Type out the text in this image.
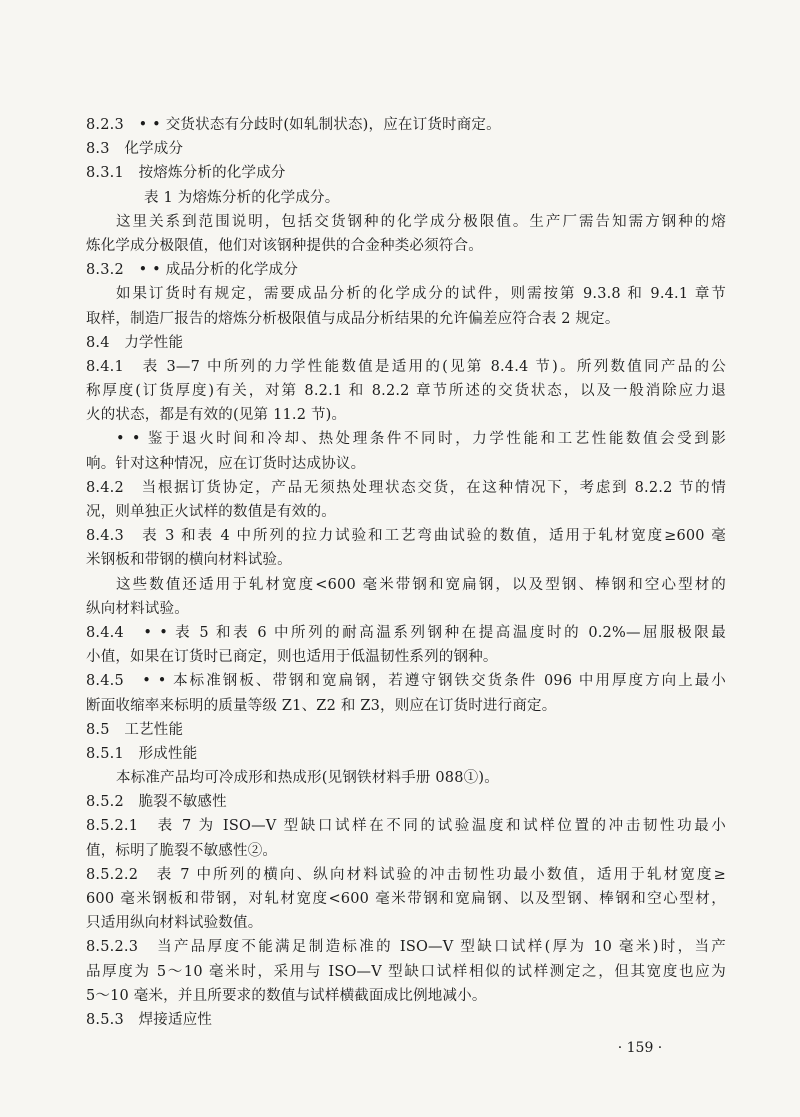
8.2.3　• • 交货状态有分歧时(如轧制状态)，应在订货时商定。
8.3　化学成分
8.3.1　按熔炼分析的化学成分
表 1 为熔炼分析的化学成分。
这里关系到范围说明，包括交货钢种的化学成分极限值。生产厂需告知需方钢种的熔
炼化学成分极限值，他们对该钢种提供的合金种类必须符合。
8.3.2　• • 成品分析的化学成分
如果订货时有规定，需要成品分析的化学成分的试件，则需按第 9.3.8 和 9.4.1 章节
取样，制造厂报告的熔炼分析极限值与成品分析结果的允许偏差应符合表 2 规定。
8.4　力学性能
8.4.1　表 3—7 中所列的力学性能数值是适用的(见第 8.4.4 节)。所列数值同产品的公
称厚度(订货厚度)有关，对第 8.2.1 和 8.2.2 章节所述的交货状态，以及一般消除应力退
火的状态，都是有效的(见第 11.2 节)。
• • 鉴于退火时间和冷却、热处理条件不同时，力学性能和工艺性能数值会受到影
响。针对这种情况，应在订货时达成协议。
8.4.2　当根据订货协定，产品无须热处理状态交货，在这种情况下，考虑到 8.2.2 节的情
况，则单独正火试样的数值是有效的。
8.4.3　表 3 和表 4 中所列的拉力试验和工艺弯曲试验的数值，适用于轧材宽度≥600 毫
米钢板和带钢的横向材料试验。
这些数值还适用于轧材宽度<600 毫米带钢和宽扁钢，以及型钢、棒钢和空心型材的
纵向材料试验。
8.4.4　• • 表 5 和表 6 中所列的耐高温系列钢种在提高温度时的 0.2%—屈服极限最
小值，如果在订货时已商定，则也适用于低温韧性系列的钢种。
8.4.5　• • 本标准钢板、带钢和宽扁钢，若遵守钢铁交货条件 096 中用厚度方向上最小
断面收缩率来标明的质量等级 Z1、Z2 和 Z3，则应在订货时进行商定。
8.5　工艺性能
8.5.1　形成性能
本标准产品均可冷成形和热成形(见钢铁材料手册 088①)。
8.5.2　脆裂不敏感性
8.5.2.1　表 7 为 ISO—V 型缺口试样在不同的试验温度和试样位置的冲击韧性功最小
值，标明了脆裂不敏感性②。
8.5.2.2　表 7 中所列的横向、纵向材料试验的冲击韧性功最小数值，适用于轧材宽度≥
600 毫米钢板和带钢，对轧材宽度<600 毫米带钢和宽扁钢、以及型钢、棒钢和空心型材，
只适用纵向材料试验数值。
8.5.2.3　当产品厚度不能满足制造标准的 ISO—V 型缺口试样(厚为 10 毫米)时，当产
品厚度为 5～10 毫米时，采用与 ISO—V 型缺口试样相似的试样测定之，但其宽度也应为
5～10 毫米，并且所要求的数值与试样横截面成比例地减小。
8.5.3　焊接适应性
· 159 ·
